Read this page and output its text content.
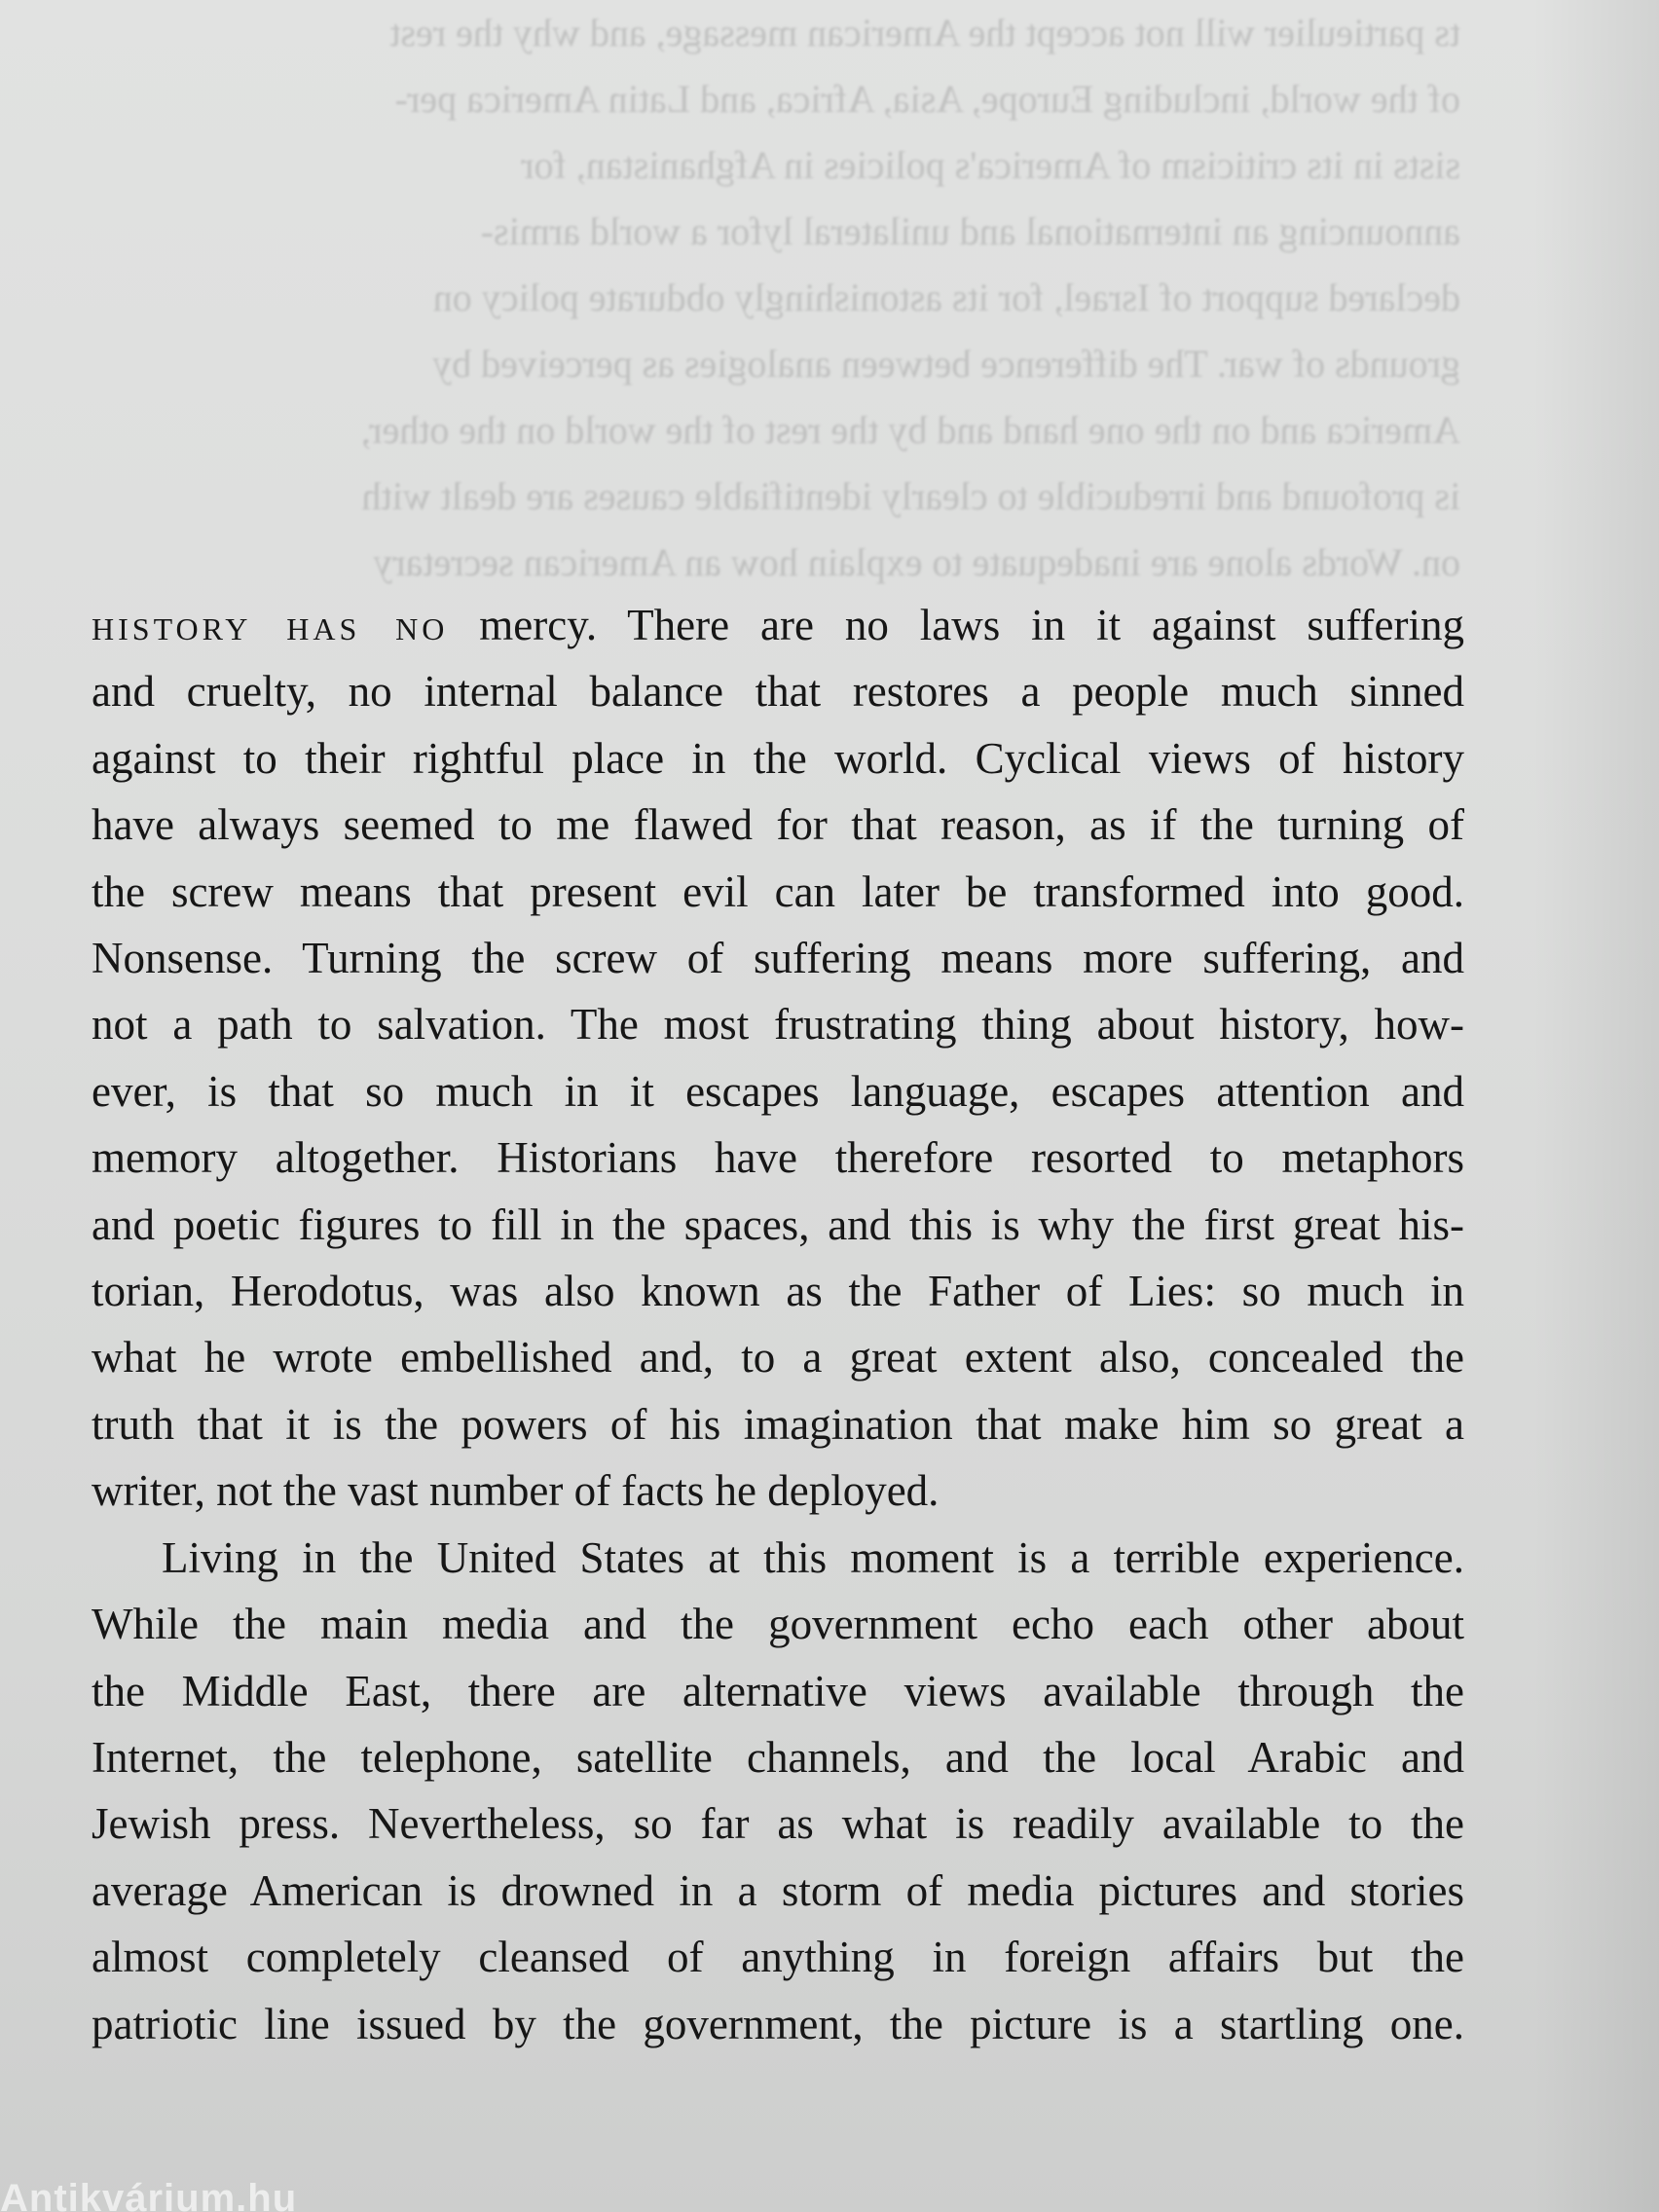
ts partieulier will not accept the American message, and why the rest
of the world, including Europe, Asia, Africa, and Latin America per-
sists in its criticism of America's policies in Afghanistan, for
announcing an international and unilateral lyfor a world armis-
declared support of Israel, for its astonishingly obdurate policy on
grounds of war. The difference between analogies as perceived by
America and on the one hand and by the rest of the world on the other,
is profound and irreducible to clearly identifiable causes are dealt with
on. Words alone are inadequate to explain how an American secretary

history has no mercy. There are no laws in it against suffering
and cruelty, no internal balance that restores a people much sinned
against to their rightful place in the world. Cyclical views of history
have always seemed to me flawed for that reason, as if the turning of
the screw means that present evil can later be transformed into good.
Nonsense. Turning the screw of suffering means more suffering, and
not a path to salvation. The most frustrating thing about history, how-
ever, is that so much in it escapes language, escapes attention and
memory altogether. Historians have therefore resorted to metaphors
and poetic figures to fill in the spaces, and this is why the first great his-
torian, Herodotus, was also known as the Father of Lies: so much in
what he wrote embellished and, to a great extent also, concealed the
truth that it is the powers of his imagination that make him so great a
writer, not the vast number of facts he deployed.

Living in the United States at this moment is a terrible experience.
While the main media and the government echo each other about
the Middle East, there are alternative views available through the
Internet, the telephone, satellite channels, and the local Arabic and
Jewish press. Nevertheless, so far as what is readily available to the
average American is drowned in a storm of media pictures and stories
almost completely cleansed of anything in foreign affairs but the
patriotic line issued by the government, the picture is a startling one.

Antikvárium.hu
